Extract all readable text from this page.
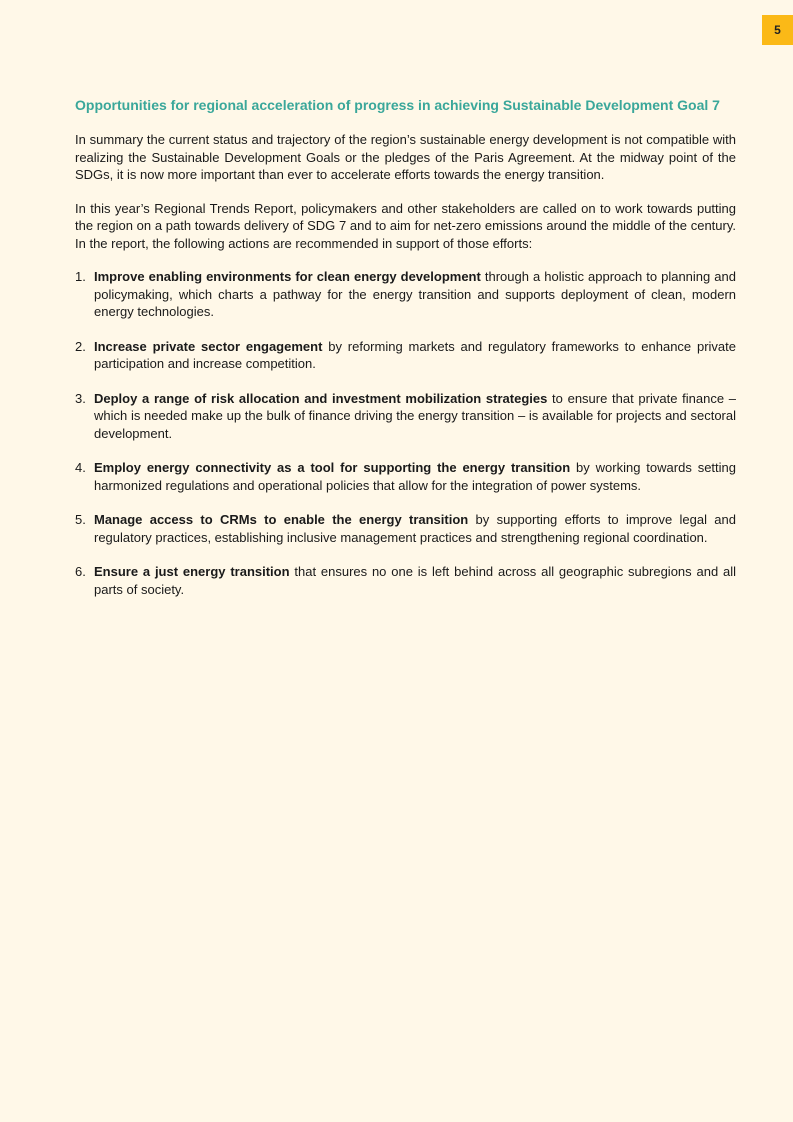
5
Opportunities for regional acceleration of progress in achieving Sustainable Development Goal 7

In summary the current status and trajectory of the region’s sustainable energy development is not compatible with realizing the Sustainable Development Goals or the pledges of the Paris Agreement. At the midway point of the SDGs, it is now more important than ever to accelerate efforts towards the energy transition.

In this year’s Regional Trends Report, policymakers and other stakeholders are called on to work towards putting the region on a path towards delivery of SDG 7 and to aim for net-zero emissions around the middle of the century. In the report, the following actions are recommended in support of those efforts:

1. Improve enabling environments for clean energy development through a holistic approach to planning and policymaking, which charts a pathway for the energy transition and supports deployment of clean, modern energy technologies.
2. Increase private sector engagement by reforming markets and regulatory frameworks to enhance private participation and increase competition.
3. Deploy a range of risk allocation and investment mobilization strategies to ensure that private finance – which is needed make up the bulk of finance driving the energy transition – is available for projects and sectoral development.
4. Employ energy connectivity as a tool for supporting the energy transition by working towards setting harmonized regulations and operational policies that allow for the integration of power systems.
5. Manage access to CRMs to enable the energy transition by supporting efforts to improve legal and regulatory practices, establishing inclusive management practices and strengthening regional coordination.
6. Ensure a just energy transition that ensures no one is left behind across all geographic subregions and all parts of society.
